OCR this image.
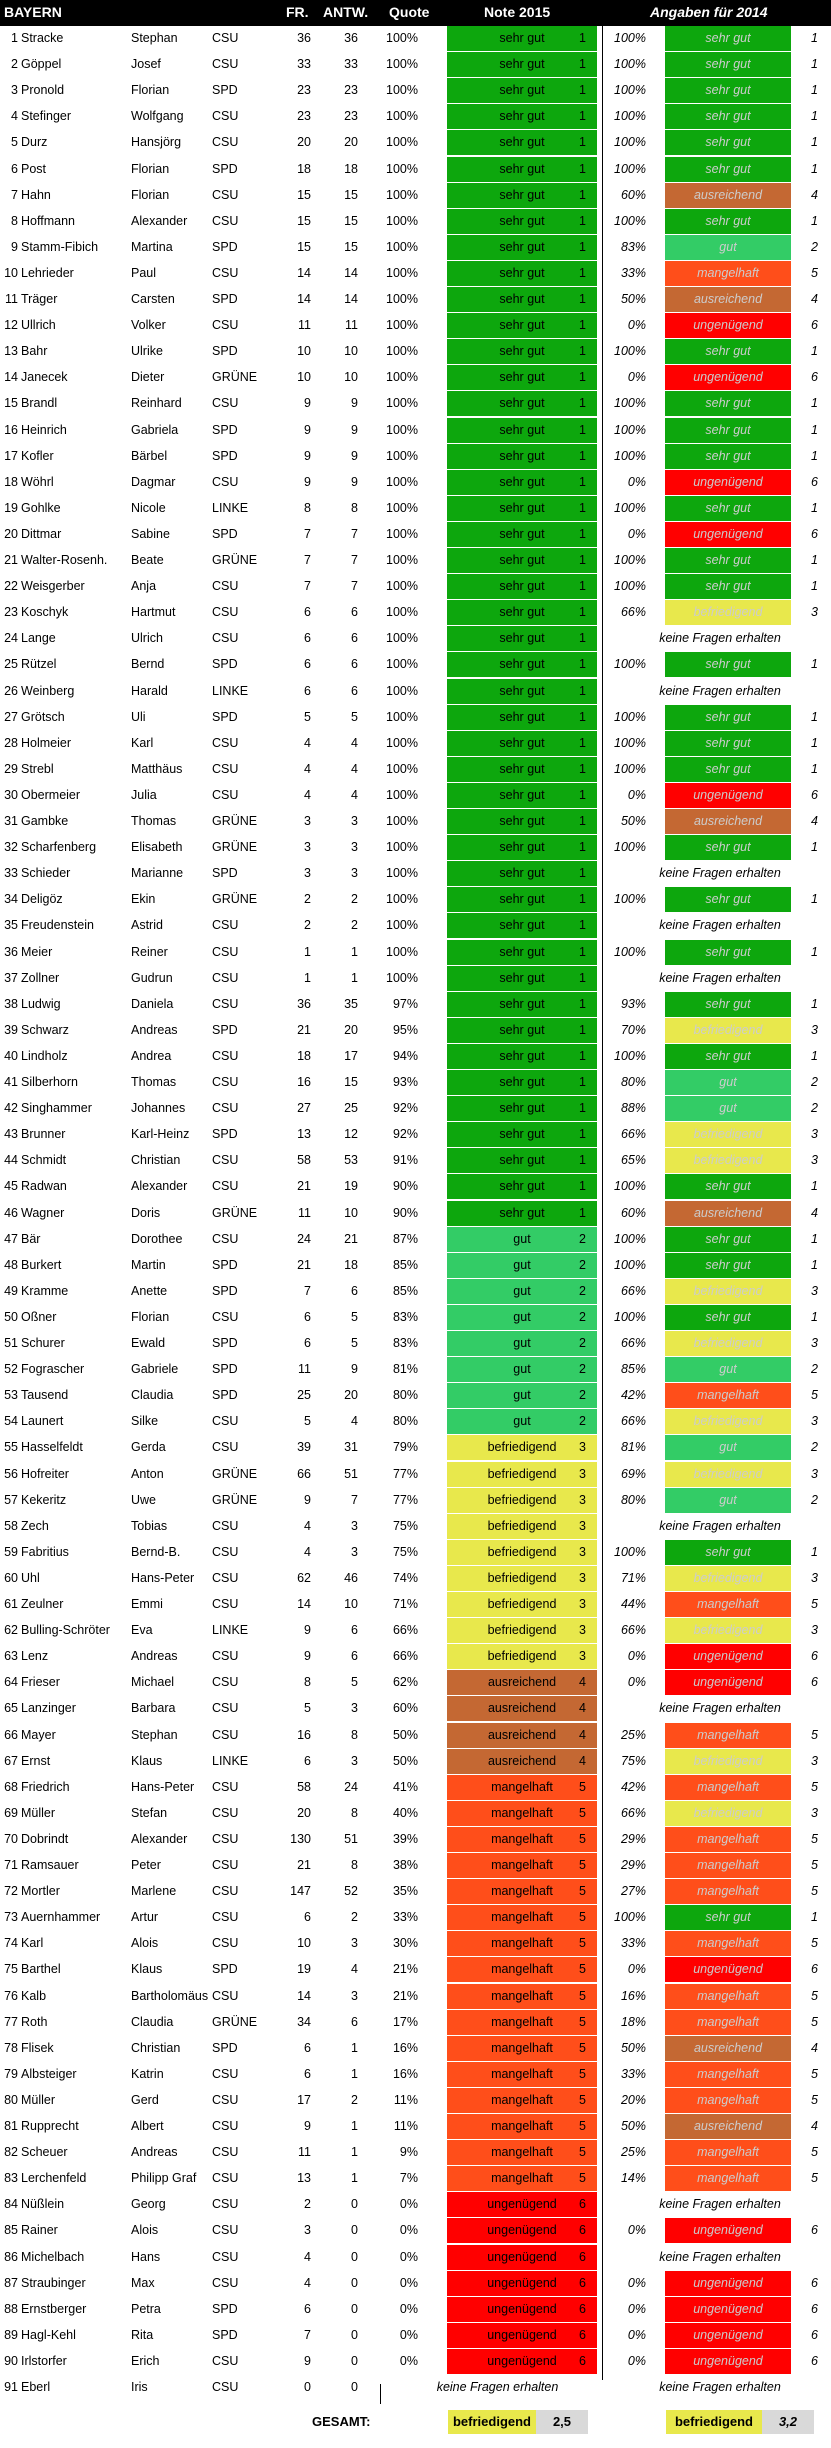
BAYERN	FR. ANTW. Quote	Note 2015	Angaben für 2014
1 Stracke	Stephan	CSU	36	36	100%	sehr gut	1	100%	sehr gut	1
2 Göppel	Josef	CSU	33	33	100%	sehr gut	1	100%	sehr gut	1
3 Pronold	Florian	SPD	23	23	100%	sehr gut	1	100%	sehr gut	1
4 Stefinger	Wolfgang	CSU	23	23	100%	sehr gut	1	100%	sehr gut	1
5 Durz	Hansjörg	CSU	20	20	100%	sehr gut	1	100%	sehr gut	1
6 Post	Florian	SPD	18	18	100%	sehr gut	1	100%	sehr gut	1
7 Hahn	Florian	CSU	15	15	100%	sehr gut	1	60%	ausreichend	4
8 Hoffmann	Alexander	CSU	15	15	100%	sehr gut	1	100%	sehr gut	1
9 Stamm-Fibich	Martina	SPD	15	15	100%	sehr gut	1	83%	gut	2
10 Lehrieder	Paul	CSU	14	14	100%	sehr gut	1	33%	mangelhaft	5
11 Träger	Carsten	SPD	14	14	100%	sehr gut	1	50%	ausreichend	4
12 Ullrich	Volker	CSU	11	11	100%	sehr gut	1	0%	ungenügend	6
13 Bahr	Ulrike	SPD	10	10	100%	sehr gut	1	100%	sehr gut	1
14 Janecek	Dieter	GRÜNE	10	10	100%	sehr gut	1	0%	ungenügend	6
15 Brandl	Reinhard	CSU	9	9	100%	sehr gut	1	100%	sehr gut	1
16 Heinrich	Gabriela	SPD	9	9	100%	sehr gut	1	100%	sehr gut	1
17 Kofler	Bärbel	SPD	9	9	100%	sehr gut	1	100%	sehr gut	1
18 Wöhrl	Dagmar	CSU	9	9	100%	sehr gut	1	0%	ungenügend	6
19 Gohlke	Nicole	LINKE	8	8	100%	sehr gut	1	100%	sehr gut	1
20 Dittmar	Sabine	SPD	7	7	100%	sehr gut	1	0%	ungenügend	6
21 Walter-Rosenh.	Beate	GRÜNE	7	7	100%	sehr gut	1	100%	sehr gut	1
22 Weisgerber	Anja	CSU	7	7	100%	sehr gut	1	100%	sehr gut	1
23 Koschyk	Hartmut	CSU	6	6	100%	sehr gut	1	66%	befriedigend	3
24 Lange	Ulrich	CSU	6	6	100%	sehr gut	1	keine Fragen erhalten
25 Rützel	Bernd	SPD	6	6	100%	sehr gut	1	100%	sehr gut	1
26 Weinberg	Harald	LINKE	6	6	100%	sehr gut	1	keine Fragen erhalten
27 Grötsch	Uli	SPD	5	5	100%	sehr gut	1	100%	sehr gut	1
28 Holmeier	Karl	CSU	4	4	100%	sehr gut	1	100%	sehr gut	1
29 Strebl	Matthäus	CSU	4	4	100%	sehr gut	1	100%	sehr gut	1
30 Obermeier	Julia	CSU	4	4	100%	sehr gut	1	0%	ungenügend	6
31 Gambke	Thomas	GRÜNE	3	3	100%	sehr gut	1	50%	ausreichend	4
32 Scharfenberg	Elisabeth	GRÜNE	3	3	100%	sehr gut	1	100%	sehr gut	1
33 Schieder	Marianne	SPD	3	3	100%	sehr gut	1	keine Fragen erhalten
34 Deligöz	Ekin	GRÜNE	2	2	100%	sehr gut	1	100%	sehr gut	1
35 Freudenstein	Astrid	CSU	2	2	100%	sehr gut	1	keine Fragen erhalten
36 Meier	Reiner	CSU	1	1	100%	sehr gut	1	100%	sehr gut	1
37 Zollner	Gudrun	CSU	1	1	100%	sehr gut	1	keine Fragen erhalten
38 Ludwig	Daniela	CSU	36	35	97%	sehr gut	1	93%	sehr gut	1
39 Schwarz	Andreas	SPD	21	20	95%	sehr gut	1	70%	befriedigend	3
40 Lindholz	Andrea	CSU	18	17	94%	sehr gut	1	100%	sehr gut	1
41 Silberhorn	Thomas	CSU	16	15	93%	sehr gut	1	80%	gut	2
42 Singhammer	Johannes	CSU	27	25	92%	sehr gut	1	88%	gut	2
43 Brunner	Karl-Heinz	SPD	13	12	92%	sehr gut	1	66%	befriedigend	3
44 Schmidt	Christian	CSU	58	53	91%	sehr gut	1	65%	befriedigend	3
45 Radwan	Alexander	CSU	21	19	90%	sehr gut	1	100%	sehr gut	1
46 Wagner	Doris	GRÜNE	11	10	90%	sehr gut	1	60%	ausreichend	4
47 Bär	Dorothee	CSU	24	21	87%	gut	2	100%	sehr gut	1
48 Burkert	Martin	SPD	21	18	85%	gut	2	100%	sehr gut	1
49 Kramme	Anette	SPD	7	6	85%	gut	2	66%	befriedigend	3
50 Oßner	Florian	CSU	6	5	83%	gut	2	100%	sehr gut	1
51 Schurer	Ewald	SPD	6	5	83%	gut	2	66%	befriedigend	3
52 Fograscher	Gabriele	SPD	11	9	81%	gut	2	85%	gut	2
53 Tausend	Claudia	SPD	25	20	80%	gut	2	42%	mangelhaft	5
54 Launert	Silke	CSU	5	4	80%	gut	2	66%	befriedigend	3
55 Hasselfeldt	Gerda	CSU	39	31	79%	befriedigend	3	81%	gut	2
56 Hofreiter	Anton	GRÜNE	66	51	77%	befriedigend	3	69%	befriedigend	3
57 Kekeritz	Uwe	GRÜNE	9	7	77%	befriedigend	3	80%	gut	2
58 Zech	Tobias	CSU	4	3	75%	befriedigend	3	keine Fragen erhalten
59 Fabritius	Bernd-B.	CSU	4	3	75%	befriedigend	3	100%	sehr gut	1
60 Uhl	Hans-Peter	CSU	62	46	74%	befriedigend	3	71%	befriedigend	3
61 Zeulner	Emmi	CSU	14	10	71%	befriedigend	3	44%	mangelhaft	5
62 Bulling-Schröter	Eva	LINKE	9	6	66%	befriedigend	3	66%	befriedigend	3
63 Lenz	Andreas	CSU	9	6	66%	befriedigend	3	0%	ungenügend	6
64 Frieser	Michael	CSU	8	5	62%	ausreichend	4	0%	ungenügend	6
65 Lanzinger	Barbara	CSU	5	3	60%	ausreichend	4	keine Fragen erhalten
66 Mayer	Stephan	CSU	16	8	50%	ausreichend	4	25%	mangelhaft	5
67 Ernst	Klaus	LINKE	6	3	50%	ausreichend	4	75%	befriedigend	3
68 Friedrich	Hans-Peter	CSU	58	24	41%	mangelhaft	5	42%	mangelhaft	5
69 Müller	Stefan	CSU	20	8	40%	mangelhaft	5	66%	befriedigend	3
70 Dobrindt	Alexander	CSU	130	51	39%	mangelhaft	5	29%	mangelhaft	5
71 Ramsauer	Peter	CSU	21	8	38%	mangelhaft	5	29%	mangelhaft	5
72 Mortler	Marlene	CSU	147	52	35%	mangelhaft	5	27%	mangelhaft	5
73 Auernhammer	Artur	CSU	6	2	33%	mangelhaft	5	100%	sehr gut	1
74 Karl	Alois	CSU	10	3	30%	mangelhaft	5	33%	mangelhaft	5
75 Barthel	Klaus	SPD	19	4	21%	mangelhaft	5	0%	ungenügend	6
76 Kalb	Bartholomäus CSU	14	3	21%	mangelhaft	5	16%	mangelhaft	5
77 Roth	Claudia	GRÜNE	34	6	17%	mangelhaft	5	18%	mangelhaft	5
78 Flisek	Christian	SPD	6	1	16%	mangelhaft	5	50%	ausreichend	4
79 Albsteiger	Katrin	CSU	6	1	16%	mangelhaft	5	33%	mangelhaft	5
80 Müller	Gerd	CSU	17	2	11%	mangelhaft	5	20%	mangelhaft	5
81 Rupprecht	Albert	CSU	9	1	11%	mangelhaft	5	50%	ausreichend	4
82 Scheuer	Andreas	CSU	11	1	9%	mangelhaft	5	25%	mangelhaft	5
83 Lerchenfeld	Philipp Graf	CSU	13	1	7%	mangelhaft	5	14%	mangelhaft	5
84 Nüßlein	Georg	CSU	2	0	0%	ungenügend	6	keine Fragen erhalten
85 Rainer	Alois	CSU	3	0	0%	ungenügend	6	0%	ungenügend	6
86 Michelbach	Hans	CSU	4	0	0%	ungenügend	6	keine Fragen erhalten
87 Straubinger	Max	CSU	4	0	0%	ungenügend	6	0%	ungenügend	6
88 Ernstberger	Petra	SPD	6	0	0%	ungenügend	6	0%	ungenügend	6
89 Hagl-Kehl	Rita	SPD	7	0	0%	ungenügend	6	0%	ungenügend	6
90 Irlstorfer	Erich	CSU	9	0	0%	ungenügend	6	0%	ungenügend	6
91 Eberl	Iris	CSU	0	0	keine Fragen erhalten	keine Fragen erhalten
GESAMT:	befriedigend	2,5	befriedigend	3,2
